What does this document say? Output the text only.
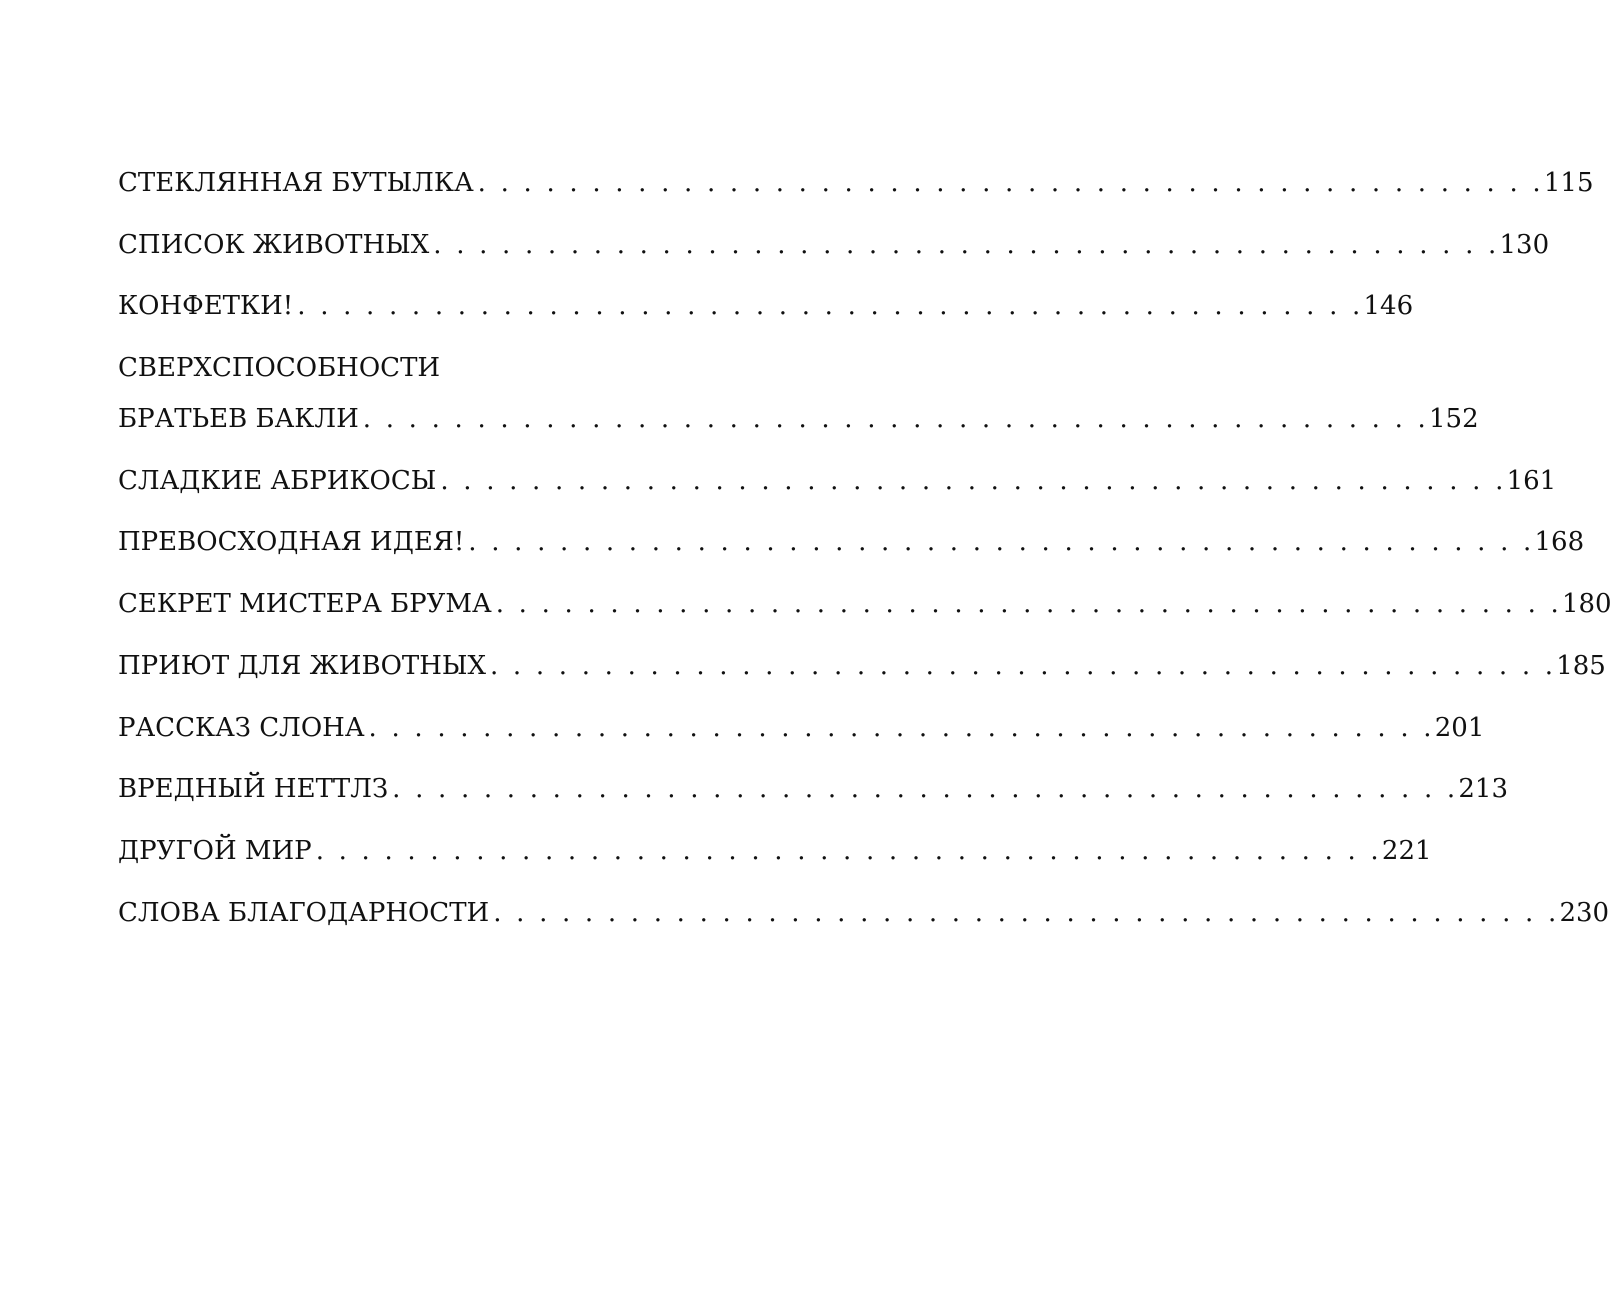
СТЕКЛЯННАЯ БУТЫЛКА . . . . . . . . . . . . . . . . . . . . . . . . . . . . . . . . . . . . . . . . . . . . . . . 115
СПИСОК ЖИВОТНЫХ . . . . . . . . . . . . . . . . . . . . . . . . . . . . . . . . . . . . . . . . . . . . . . . 130
КОНФЕТКИ! . . . . . . . . . . . . . . . . . . . . . . . . . . . . . . . . . . . . . . . . . . . . . . . 146
СВЕРХСПОСОБНОСТИ
БРАТЬЕВ БАКЛИ . . . . . . . . . . . . . . . . . . . . . . . . . . . . . . . . . . . . . . . . . . . . . . . 152
СЛАДКИЕ АБРИКОСЫ . . . . . . . . . . . . . . . . . . . . . . . . . . . . . . . . . . . . . . . . . . . . . . . 161
ПРЕВОСХОДНАЯ ИДЕЯ! . . . . . . . . . . . . . . . . . . . . . . . . . . . . . . . . . . . . . . . . . . . . . . . 168
СЕКРЕТ МИСТЕРА БРУМА . . . . . . . . . . . . . . . . . . . . . . . . . . . . . . . . . . . . . . . . . . . . . . . 180
ПРИЮТ ДЛЯ ЖИВОТНЫХ . . . . . . . . . . . . . . . . . . . . . . . . . . . . . . . . . . . . . . . . . . . . . . . 185
РАССКАЗ СЛОНА . . . . . . . . . . . . . . . . . . . . . . . . . . . . . . . . . . . . . . . . . . . . . . . 201
ВРЕДНЫЙ НЕТТЛЗ . . . . . . . . . . . . . . . . . . . . . . . . . . . . . . . . . . . . . . . . . . . . . . . 213
ДРУГОЙ МИР . . . . . . . . . . . . . . . . . . . . . . . . . . . . . . . . . . . . . . . . . . . . . . . 221
СЛОВА БЛАГОДАРНОСТИ . . . . . . . . . . . . . . . . . . . . . . . . . . . . . . . . . . . . . . . . . . . . . . . 230
